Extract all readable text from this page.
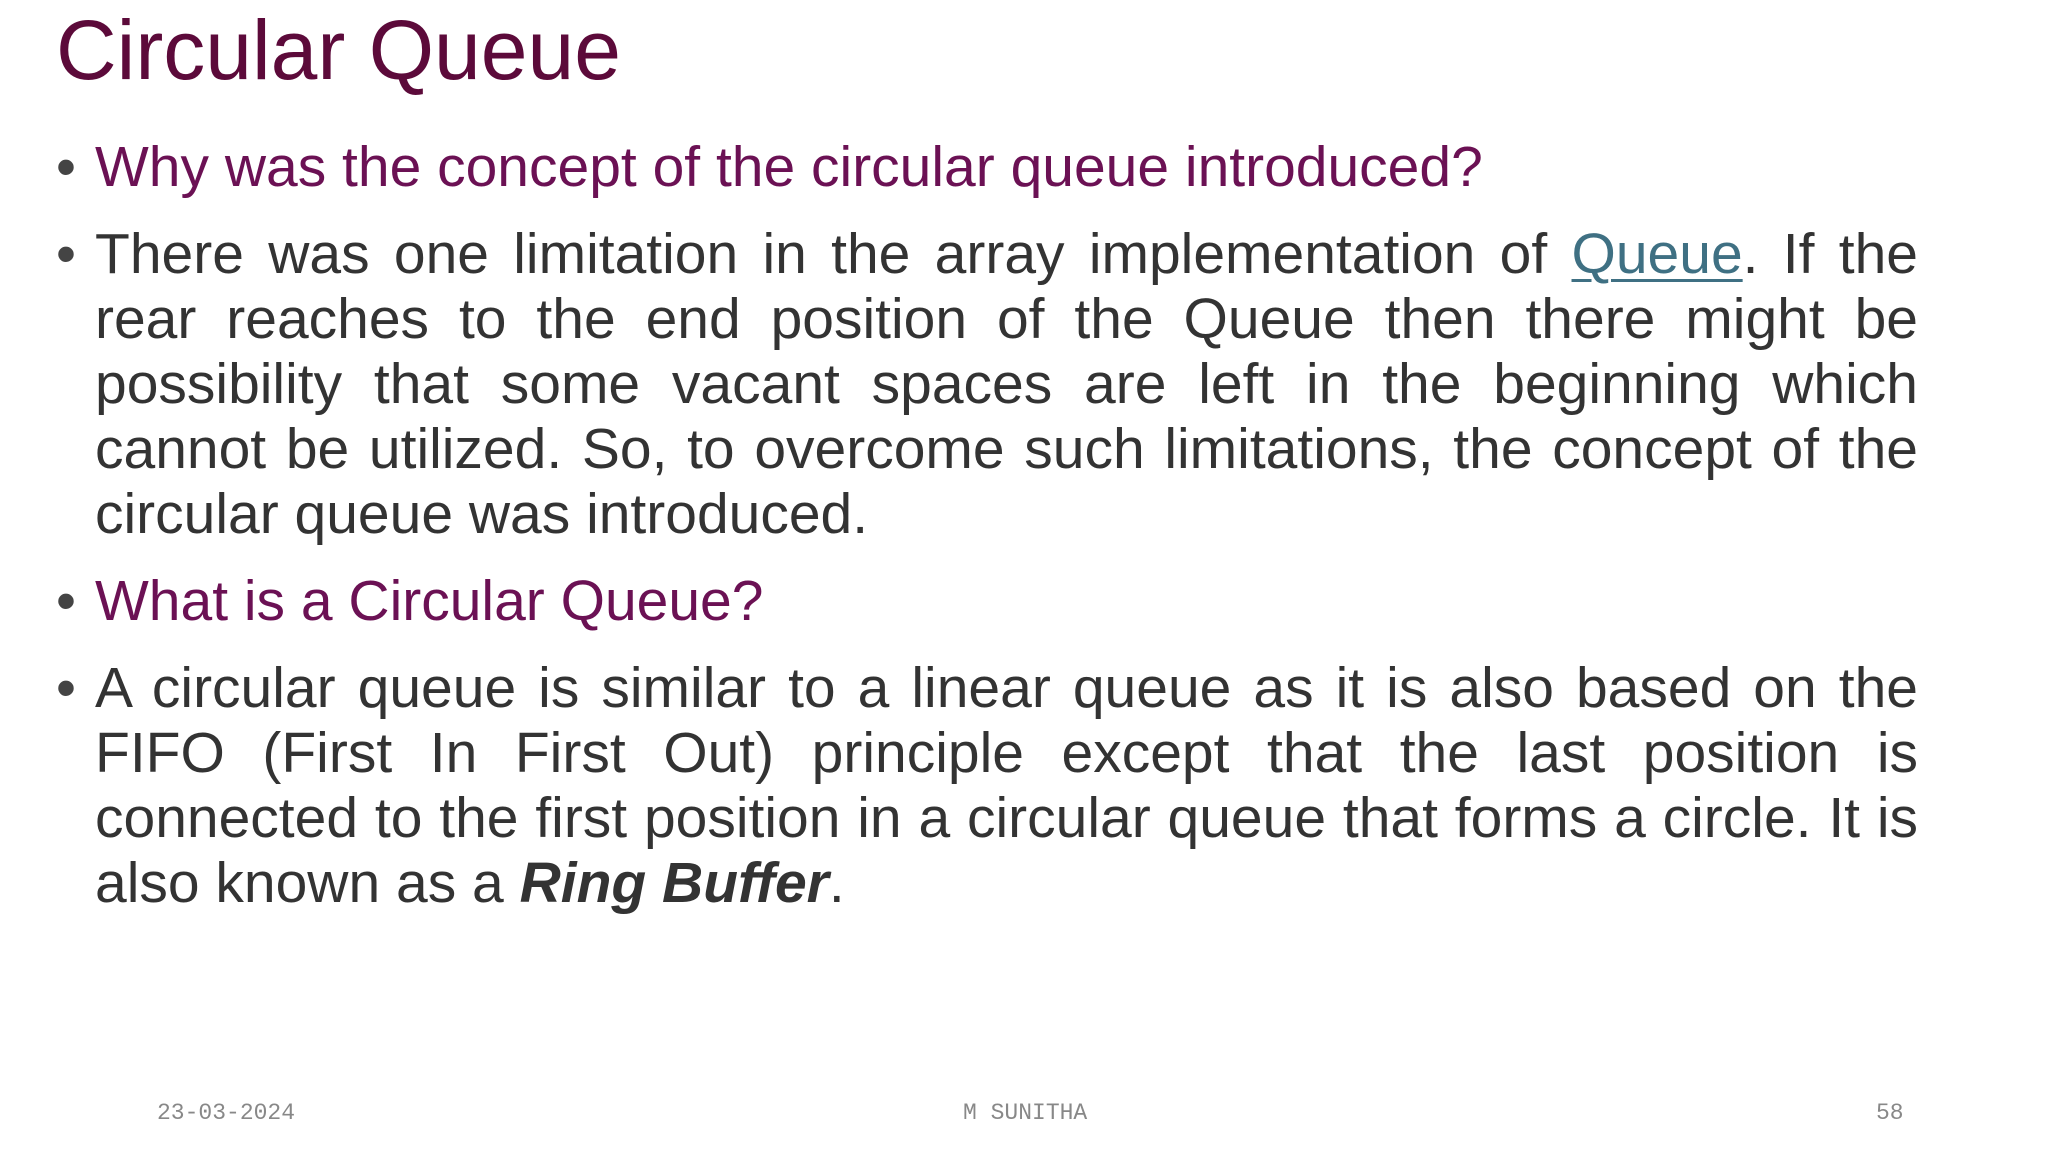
Circular Queue
• Why was the concept of the circular queue introduced?
• There was one limitation in the array implementation of Queue. If the rear reaches to the end position of the Queue then there might be possibility that some vacant spaces are left in the beginning which cannot be utilized. So, to overcome such limitations, the concept of the circular queue was introduced.
• What is a Circular Queue?
• A circular queue is similar to a linear queue as it is also based on the FIFO (First In First Out) principle except that the last position is connected to the first position in a circular queue that forms a circle. It is also known as a Ring Buffer.
23-03-2024	M SUNITHA	58
